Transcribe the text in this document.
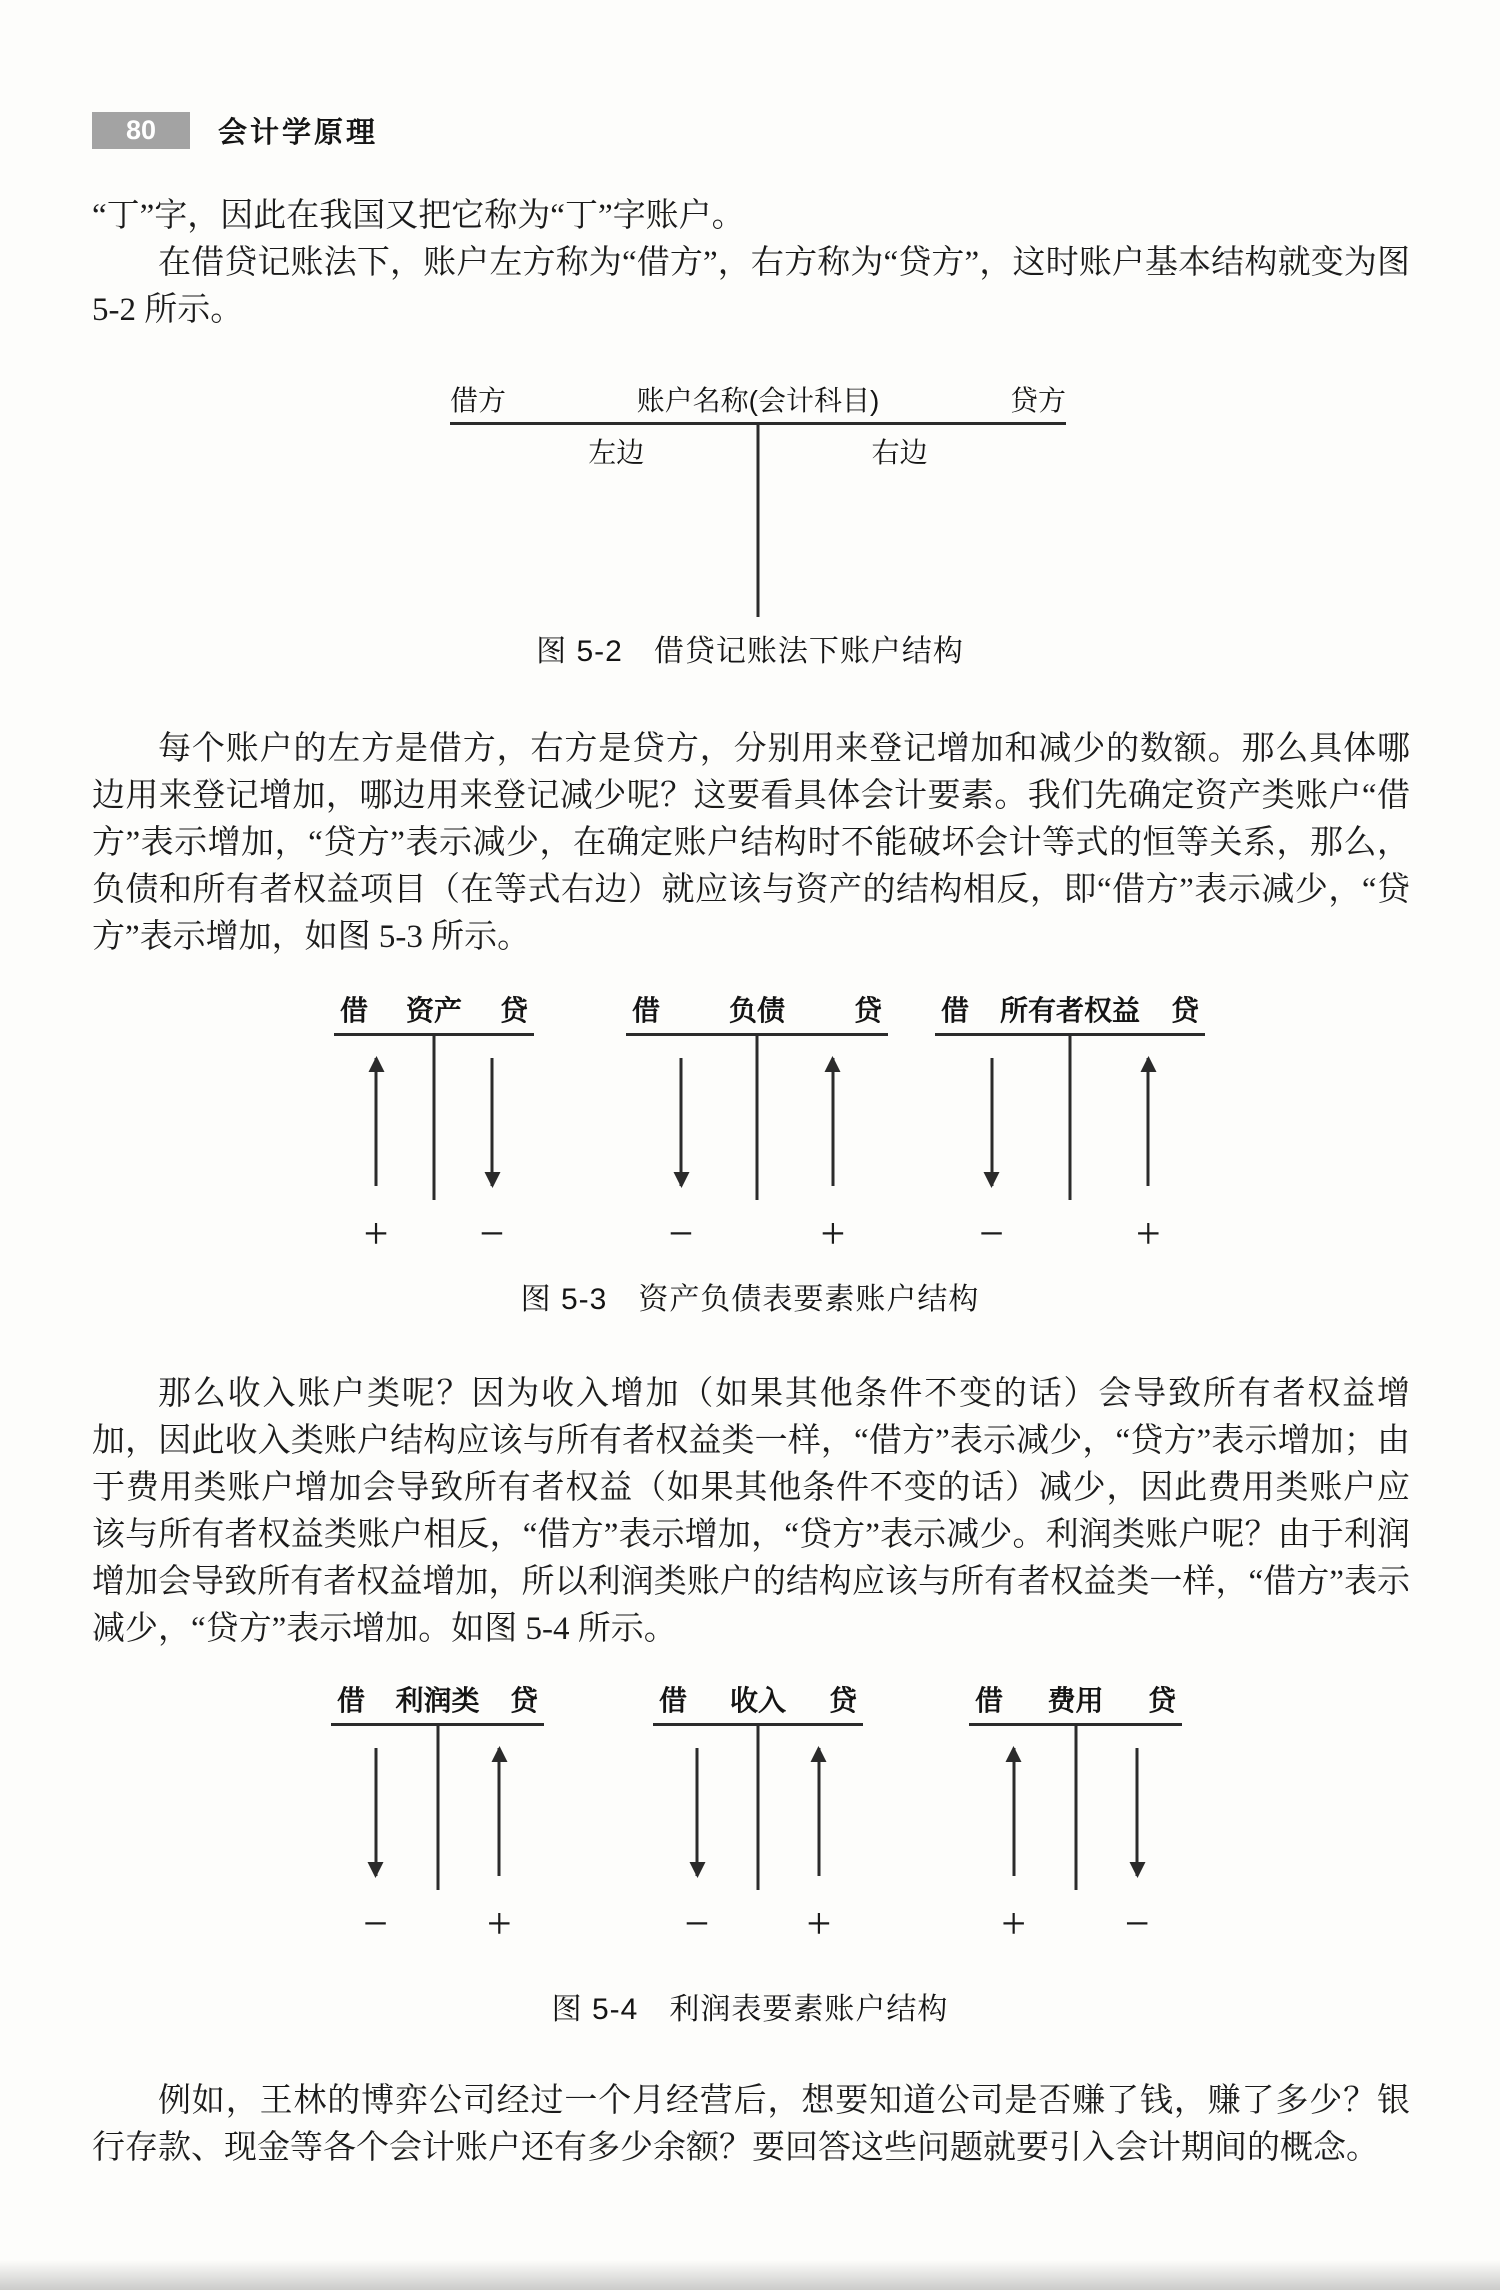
80	会计学原理

“丁”字，因此在我国又把它称为“丁”字账户。

在借贷记账法下，账户左方称为“借方”，右方称为“贷方”，这时账户基本结构就变为图 5-2 所示。

借方	账户名称(会计科目)	贷方
左边	右边

图 5-2　借贷记账法下账户结构

每个账户的左方是借方，右方是贷方，分别用来登记增加和减少的数额。那么具体哪边用来登记增加，哪边用来登记减少呢？这要看具体会计要素。我们先确定资产类账户“借方”表示增加，“贷方”表示减少，在确定账户结构时不能破坏会计等式的恒等关系，那么，负债和所有者权益项目（在等式右边）就应该与资产的结构相反，即“借方”表示减少，“贷方”表示增加，如图 5-3 所示。

借 资产 贷
+ −
借 负债 贷
−	+
借 所有者权益 贷
−	+

图 5-3　资产负债表要素账户结构

那么收入账户类呢？因为收入增加（如果其他条件不变的话）会导致所有者权益增加，因此收入类账户结构应该与所有者权益类一样，“借方”表示减少，“贷方”表示增加；由于费用类账户增加会导致所有者权益（如果其他条件不变的话）减少，因此费用类账户应该与所有者权益类账户相反，“借方”表示增加，“贷方”表示减少。利润类账户呢？由于利润增加会导致所有者权益增加，所以利润类账户的结构应该与所有者权益类一样，“借方”表示减少，“贷方”表示增加。如图 5-4 所示。

借 利润类 贷
− +
借 收入 贷
− +
借 费用 贷
+ −

图 5-4　利润表要素账户结构

例如，王林的博弈公司经过一个月经营后，想要知道公司是否赚了钱，赚了多少？银行存款、现金等各个会计账户还有多少余额？要回答这些问题就要引入会计期间的概念。
